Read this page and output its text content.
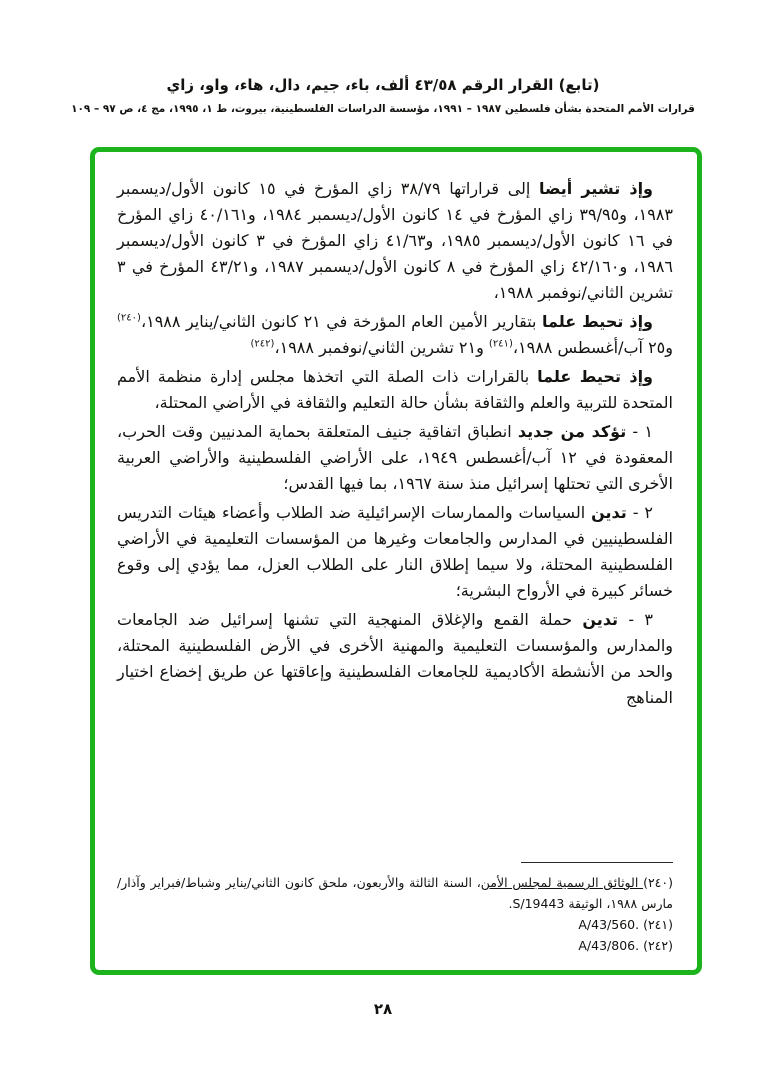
(تابع) القرار الرقم ٤٣/٥٨ ألف، باء، جيم، دال، هاء، واو، زاي
قرارات الأمم المتحدة بشأن فلسطين ١٩٨٧ – ١٩٩١، مؤسسة الدراسات الفلسطينية، بيروت، ط ١، ١٩٩٥، مج ٤، ص ٩٧ – ١٠٩

وإذ تشير أيضا إلى قراراتها ٣٨/٧٩ زاي المؤرخ في ١٥ كانون الأول/ديسمبر ١٩٨٣، و٣٩/٩٥ زاي المؤرخ في ١٤ كانون الأول/ديسمبر ١٩٨٤، و٤٠/١٦١ زاي المؤرخ في ١٦ كانون الأول/ديسمبر ١٩٨٥، و٤١/٦٣ زاي المؤرخ في ٣ كانون الأول/ديسمبر ١٩٨٦، و٤٢/١٦٠ زاي المؤرخ في ٨ كانون الأول/ديسمبر ١٩٨٧، و٤٣/٢١ المؤرخ في ٣ تشرين الثاني/نوفمبر ١٩٨٨،

وإذ تحيط علما بتقارير الأمين العام المؤرخة في ٢١ كانون الثاني/يناير ١٩٨٨،$^{(٢٤٠)}$ و٢٥ آب/أغسطس ١٩٨٨،$^{(٢٤١)}$ و٢١ تشرين الثاني/نوفمبر ١٩٨٨،$^{(٢٤٢)}$

وإذ تحيط علما بالقرارات ذات الصلة التي اتخذها مجلس إدارة منظمة الأمم المتحدة للتربية والعلم والثقافة بشأن حالة التعليم والثقافة في الأراضي المحتلة،

١ - تؤكد من جديد انطباق اتفاقية جنيف المتعلقة بحماية المدنيين وقت الحرب، المعقودة في ١٢ آب/أغسطس ١٩٤٩، على الأراضي الفلسطينية والأراضي العربية الأخرى التي تحتلها إسرائيل منذ سنة ١٩٦٧، بما فيها القدس؛

٢ - تدين السياسات والممارسات الإسرائيلية ضد الطلاب وأعضاء هيئات التدريس الفلسطينيين في المدارس والجامعات وغيرها من المؤسسات التعليمية في الأراضي الفلسطينية المحتلة، ولا سيما إطلاق النار على الطلاب العزل، مما يؤدي إلى وقوع خسائر كبيرة في الأرواح البشرية؛

٣ - تدين حملة القمع والإغلاق المنهجية التي تشنها إسرائيل ضد الجامعات والمدارس والمؤسسات التعليمية والمهنية الأخرى في الأرض الفلسطينية المحتلة، والحد من الأنشطة الأكاديمية للجامعات الفلسطينية وإعاقتها عن طريق إخضاع اختيار المناهج

(٢٤٠) الوثائق الرسمية لمجلس الأمن، السنة الثالثة والأربعون، ملحق كانون الثاني/يناير وشباط/فبراير وآذار/مارس ١٩٨٨، الوثيقة S/19443.

(٢٤١) A/43/560.

(٢٤٢) A/43/806.

٢٨
